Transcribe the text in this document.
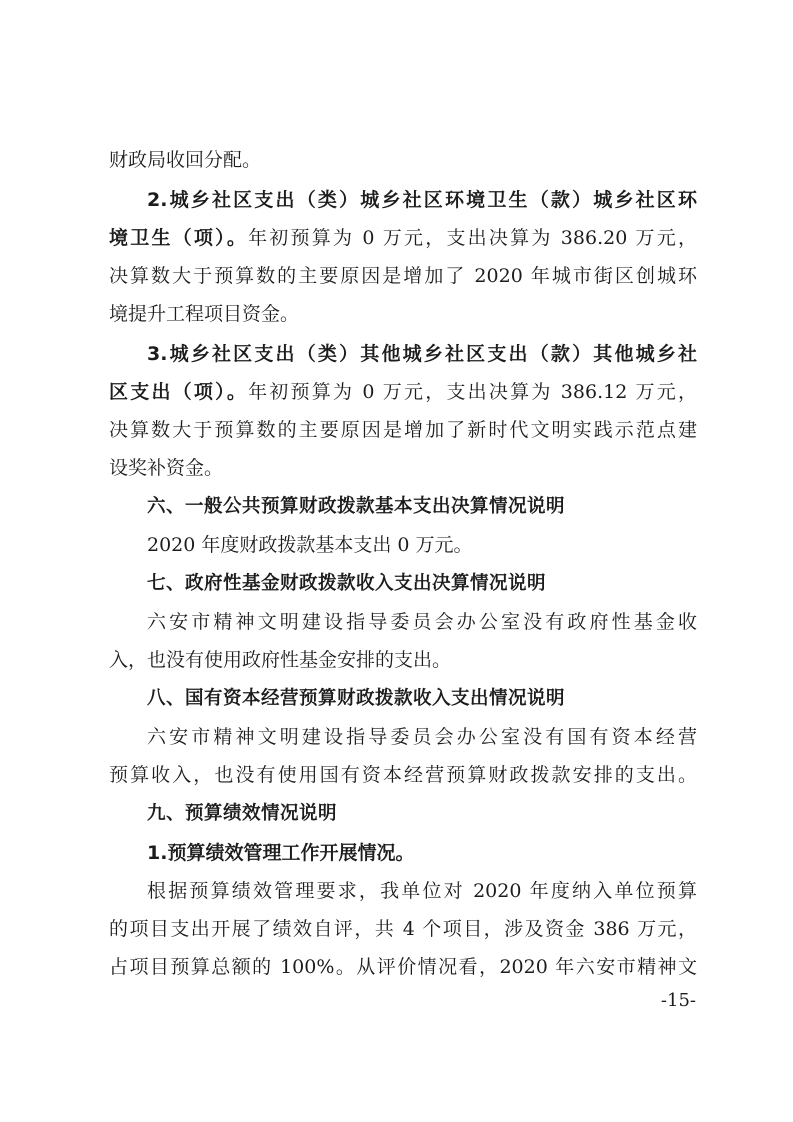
财政局收回分配。
2.城乡社区支出（类）城乡社区环境卫生（款）城乡社区环
境卫生（项）。年初预算为 0 万元，支出决算为 386.20 万元，
决算数大于预算数的主要原因是增加了 2020 年城市街区创城环
境提升工程项目资金。
3.城乡社区支出（类）其他城乡社区支出（款）其他城乡社
区支出（项）。年初预算为 0 万元，支出决算为 386.12 万元，
决算数大于预算数的主要原因是增加了新时代文明实践示范点建
设奖补资金。
六、一般公共预算财政拨款基本支出决算情况说明
2020 年度财政拨款基本支出 0 万元。
七、政府性基金财政拨款收入支出决算情况说明
六安市精神文明建设指导委员会办公室没有政府性基金收
入，也没有使用政府性基金安排的支出。
八、国有资本经营预算财政拨款收入支出情况说明
六安市精神文明建设指导委员会办公室没有国有资本经营
预算收入，也没有使用国有资本经营预算财政拨款安排的支出。
九、预算绩效情况说明
1.预算绩效管理工作开展情况。
根据预算绩效管理要求，我单位对 2020 年度纳入单位预算
的项目支出开展了绩效自评，共 4 个项目，涉及资金 386 万元，
占项目预算总额的 100%。从评价情况看，2020 年六安市精神文
-15-
